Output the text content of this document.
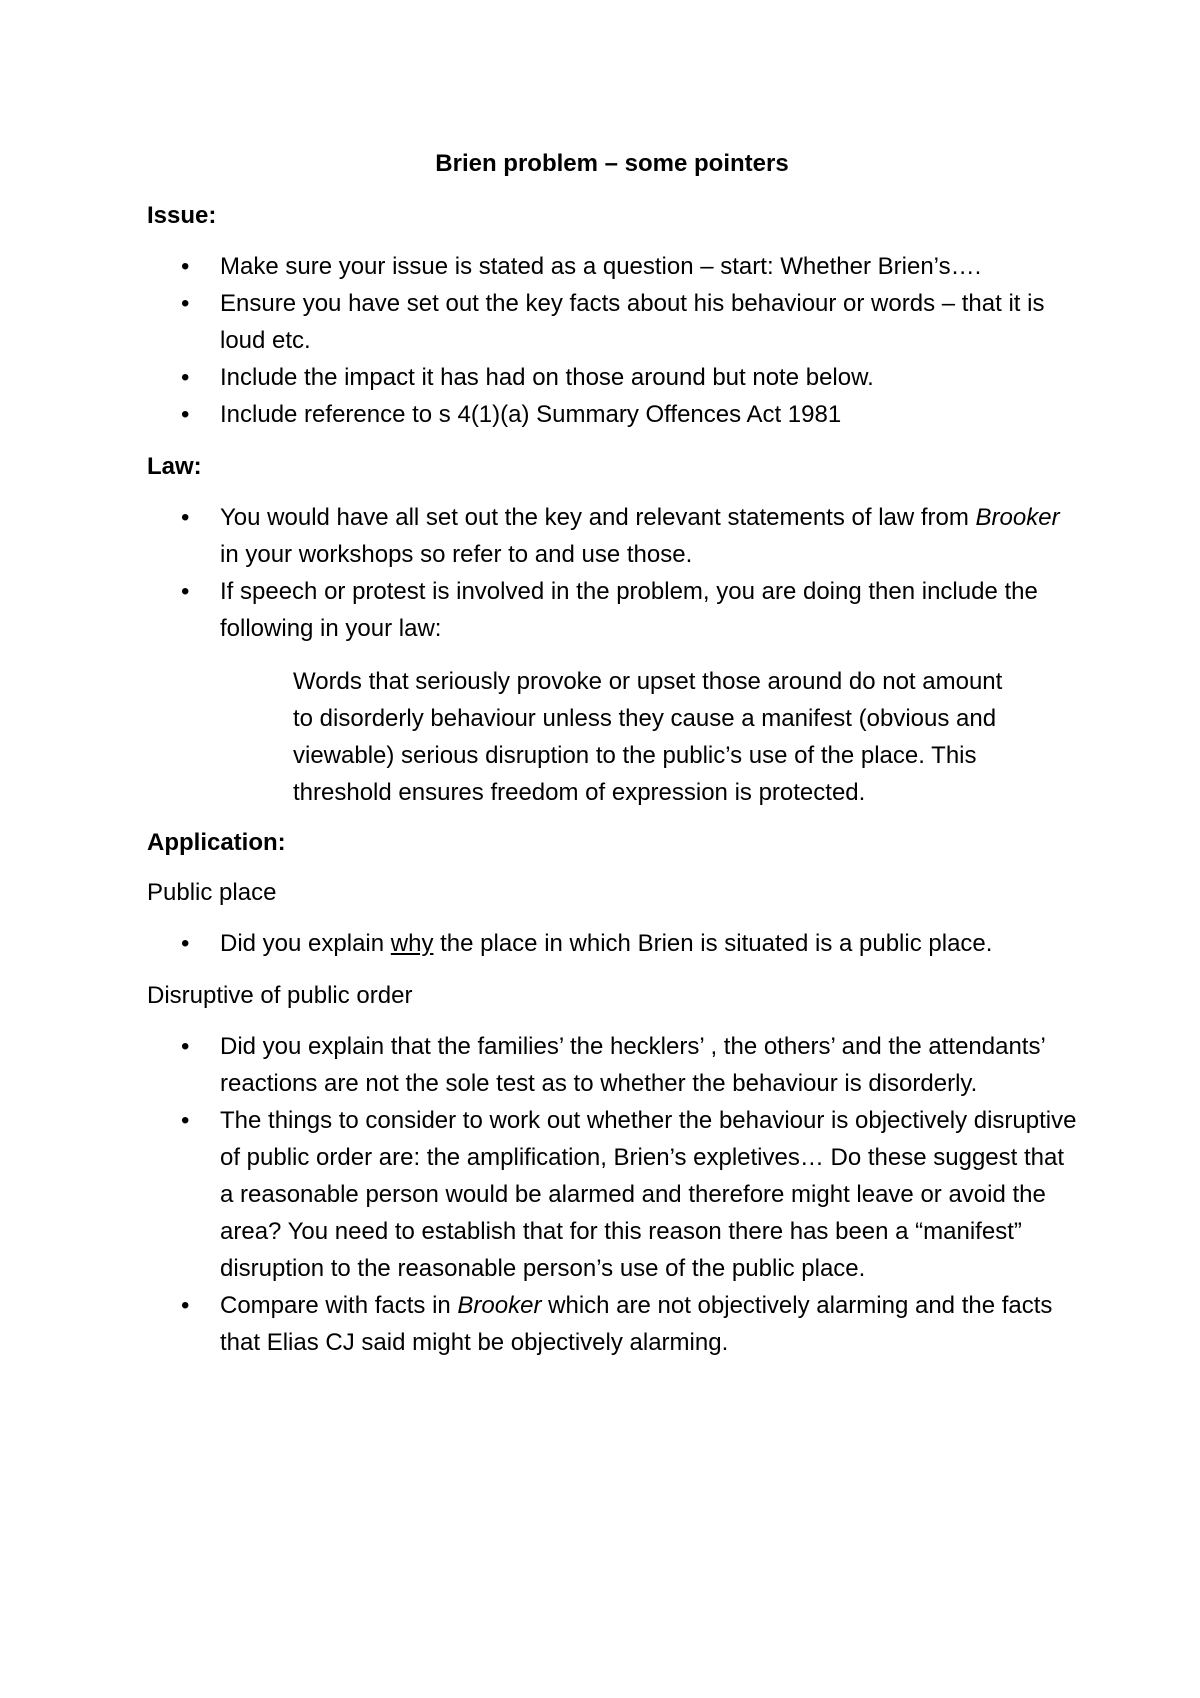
Brien problem – some pointers
Issue:
• Make sure your issue is stated as a question – start: Whether Brien’s….
• Ensure you have set out the key facts about his behaviour or words – that it is loud etc.
• Include the impact it has had on those around but note below.
• Include reference to s 4(1)(a) Summary Offences Act 1981
Law:
• You would have all set out the key and relevant statements of law from Brooker in your workshops so refer to and use those.
• If speech or protest is involved in the problem, you are doing then include the following in your law:
Words that seriously provoke or upset those around do not amount to disorderly behaviour unless they cause a manifest (obvious and viewable) serious disruption to the public’s use of the place. This threshold ensures freedom of expression is protected.
Application:
Public place
• Did you explain why the place in which Brien is situated is a public place.
Disruptive of public order
• Did you explain that the families’ the hecklers’ , the others’ and the attendants’ reactions are not the sole test as to whether the behaviour is disorderly.
• The things to consider to work out whether the behaviour is objectively disruptive of public order are: the amplification, Brien’s expletives… Do these suggest that a reasonable person would be alarmed and therefore might leave or avoid the area? You need to establish that for this reason there has been a “manifest” disruption to the reasonable person’s use of the public place.
• Compare with facts in Brooker which are not objectively alarming and the facts that Elias CJ said might be objectively alarming.
